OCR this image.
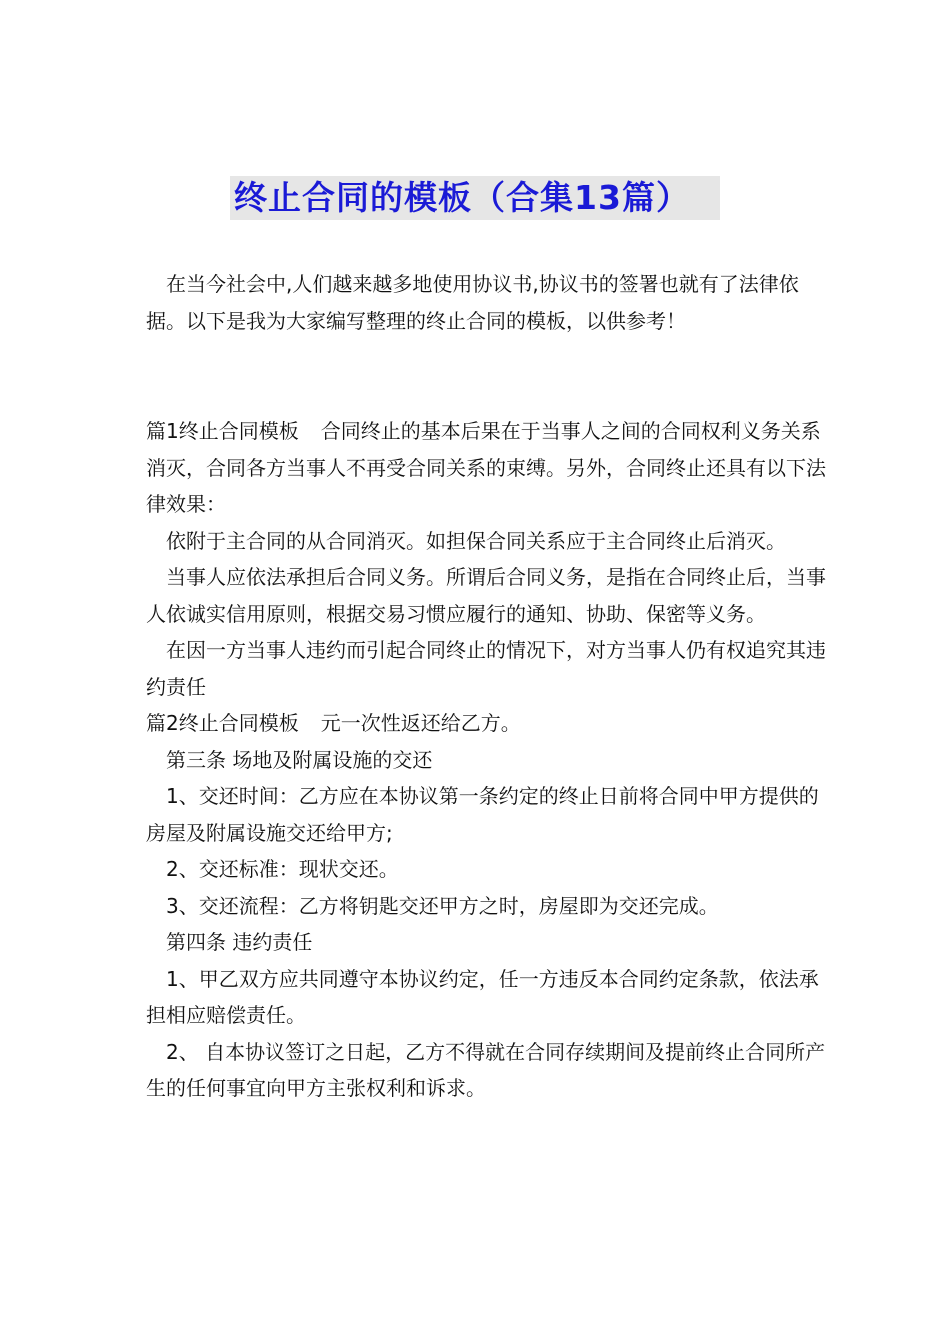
终止合同的模板（合集13篇）

在当今社会中,人们越来越多地使用协议书,协议书的签署也就有了法律依据。以下是我为大家编写整理的终止合同的模板，以供参考！

篇1终止合同模板 合同终止的基本后果在于当事人之间的合同权利义务关系消灭，合同各方当事人不再受合同关系的束缚。另外，合同终止还具有以下法律效果：

依附于主合同的从合同消灭。如担保合同关系应于主合同终止后消灭。

当事人应依法承担后合同义务。所谓后合同义务，是指在合同终止后，当事人依诚实信用原则，根据交易习惯应履行的通知、协助、保密等义务。

在因一方当事人违约而引起合同终止的情况下，对方当事人仍有权追究其违约责任

篇2终止合同模板 元一次性返还给乙方。

第三条 场地及附属设施的交还

1、交还时间：乙方应在本协议第一条约定的终止日前将合同中甲方提供的房屋及附属设施交还给甲方;

2、交还标准：现状交还。

3、交还流程：乙方将钥匙交还甲方之时，房屋即为交还完成。

第四条 违约责任

1、甲乙双方应共同遵守本协议约定，任一方违反本合同约定条款，依法承担相应赔偿责任。

2、 自本协议签订之日起，乙方不得就在合同存续期间及提前终止合同所产生的任何事宜向甲方主张权利和诉求。
